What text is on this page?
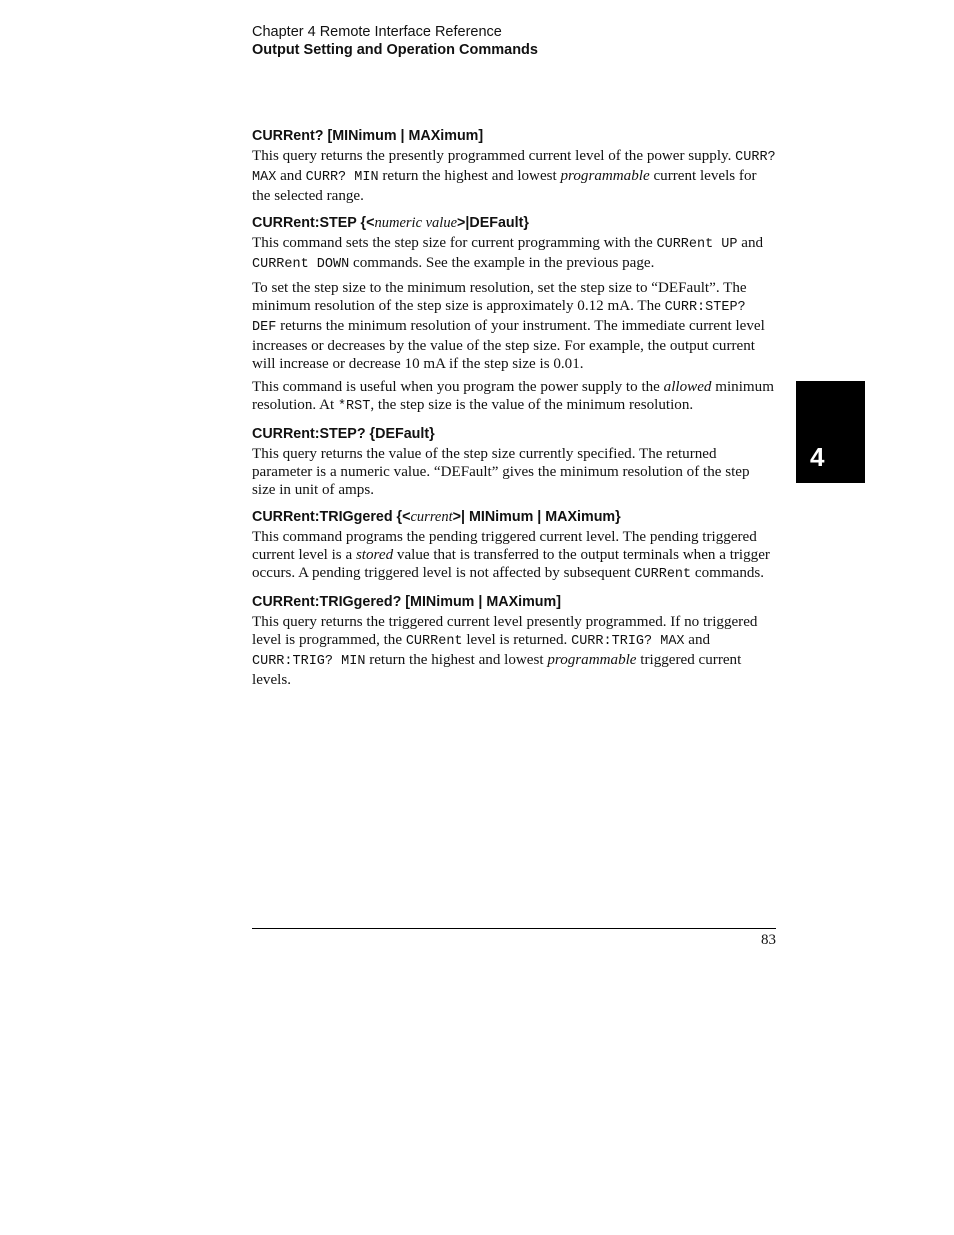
Chapter 4 Remote Interface Reference
Output Setting and Operation Commands
CURRent? [MINimum | MAXimum]
This query returns the presently programmed current level of the power supply. CURR? MAX and CURR? MIN return the highest and lowest programmable current levels for the selected range.
CURRent:STEP {<numeric value>|DEFault}
This command sets the step size for current programming with the CURRent UP and CURRent DOWN commands. See the example in the previous page.
To set the step size to the minimum resolution, set the step size to “DEFault”. The minimum resolution of the step size is approximately 0.12 mA. The CURR:STEP? DEF returns the minimum resolution of your instrument. The immediate current level increases or decreases by the value of the step size. For example, the output current will increase or decrease 10 mA if the step size is 0.01.
This command is useful when you program the power supply to the allowed minimum resolution. At *RST, the step size is the value of the minimum resolution.
CURRent:STEP? {DEFault}
This query returns the value of the step size currently specified. The returned parameter is a numeric value. “DEFault” gives the minimum resolution of the step size in unit of amps.
CURRent:TRIGgered {<current>| MINimum | MAXimum}
This command programs the pending triggered current level. The pending triggered current level is a stored value that is transferred to the output terminals when a trigger occurs. A pending triggered level is not affected by subsequent CURRent commands.
CURRent:TRIGgered? [MINimum | MAXimum]
This query returns the triggered current level presently programmed. If no triggered level is programmed, the CURRent level is returned. CURR:TRIG? MAX and CURR:TRIG? MIN return the highest and lowest programmable triggered current levels.
4
83
